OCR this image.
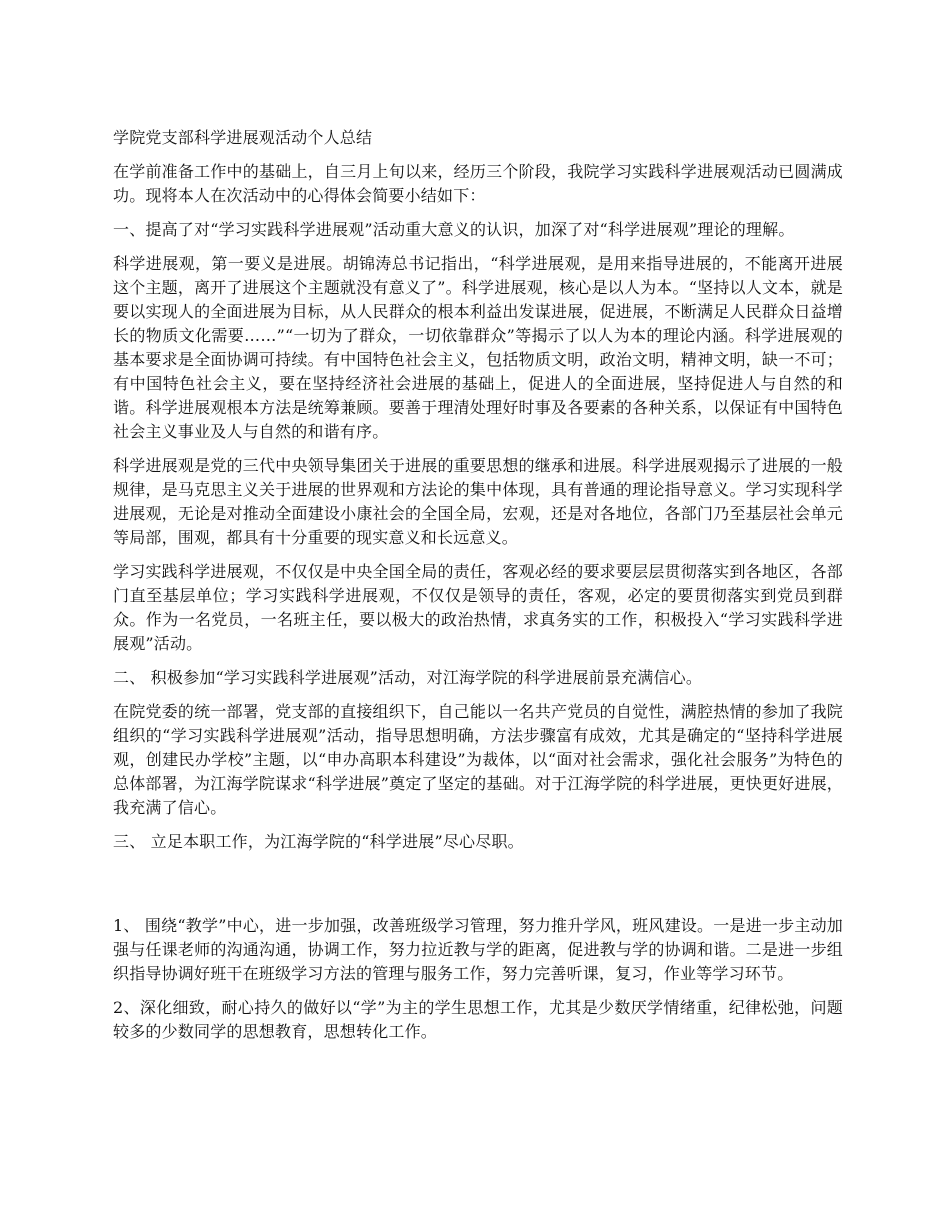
学院党支部科学进展观活动个人总结

在学前准备工作中的基础上，自三月上旬以来，经历三个阶段，我院学习实践科学进展观活动已圆满成功。现将本人在次活动中的心得体会简要小结如下：

一、提高了对“学习实践科学进展观”活动重大意义的认识，加深了对“科学进展观”理论的理解。

科学进展观，第一要义是进展。胡锦涛总书记指出，“科学进展观，是用来指导进展的，不能离开进展这个主题，离开了进展这个主题就没有意义了”。科学进展观，核心是以人为本。“坚持以人文本，就是要以实现人的全面进展为目标，从人民群众的根本利益出发谋进展，促进展，不断满足人民群众日益增长的物质文化需要……”“一切为了群众，一切依靠群众”等揭示了以人为本的理论内涵。科学进展观的基本要求是全面协调可持续。有中国特色社会主义，包括物质文明，政治文明，精神文明，缺一不可；有中国特色社会主义，要在坚持经济社会进展的基础上，促进人的全面进展，坚持促进人与自然的和谐。科学进展观根本方法是统筹兼顾。要善于理清处理好时事及各要素的各种关系，以保证有中国特色社会主义事业及人与自然的和谐有序。

科学进展观是党的三代中央领导集团关于进展的重要思想的继承和进展。科学进展观揭示了进展的一般规律，是马克思主义关于进展的世界观和方法论的集中体现，具有普通的理论指导意义。学习实现科学进展观，无论是对推动全面建设小康社会的全国全局，宏观，还是对各地位，各部门乃至基层社会单元等局部，围观，都具有十分重要的现实意义和长远意义。

学习实践科学进展观，不仅仅是中央全国全局的责任，客观必经的要求要层层贯彻落实到各地区，各部门直至基层单位；学习实践科学进展观，不仅仅是领导的责任，客观，必定的要贯彻落实到党员到群众。作为一名党员，一名班主任，要以极大的政治热情，求真务实的工作，积极投入“学习实践科学进展观”活动。

二、 积极参加“学习实践科学进展观”活动，对江海学院的科学进展前景充满信心。

在院党委的统一部署，党支部的直接组织下，自己能以一名共产党员的自觉性，满腔热情的参加了我院组织的“学习实践科学进展观”活动，指导思想明确，方法步骤富有成效，尤其是确定的“坚持科学进展观，创建民办学校”主题，以“申办高职本科建设”为裁体，以“面对社会需求，强化社会服务”为特色的总体部署，为江海学院谋求“科学进展”奠定了坚定的基础。对于江海学院的科学进展，更快更好进展，我充满了信心。

三、 立足本职工作，为江海学院的“科学进展”尽心尽职。

1、 围绕“教学”中心，进一步加强，改善班级学习管理，努力推升学风，班风建设。一是进一步主动加强与任课老师的沟通沟通，协调工作，努力拉近教与学的距离，促进教与学的协调和谐。二是进一步组织指导协调好班干在班级学习方法的管理与服务工作，努力完善听课，复习，作业等学习环节。

2、深化细致，耐心持久的做好以“学”为主的学生思想工作，尤其是少数厌学情绪重，纪律松弛，问题较多的少数同学的思想教育，思想转化工作。
